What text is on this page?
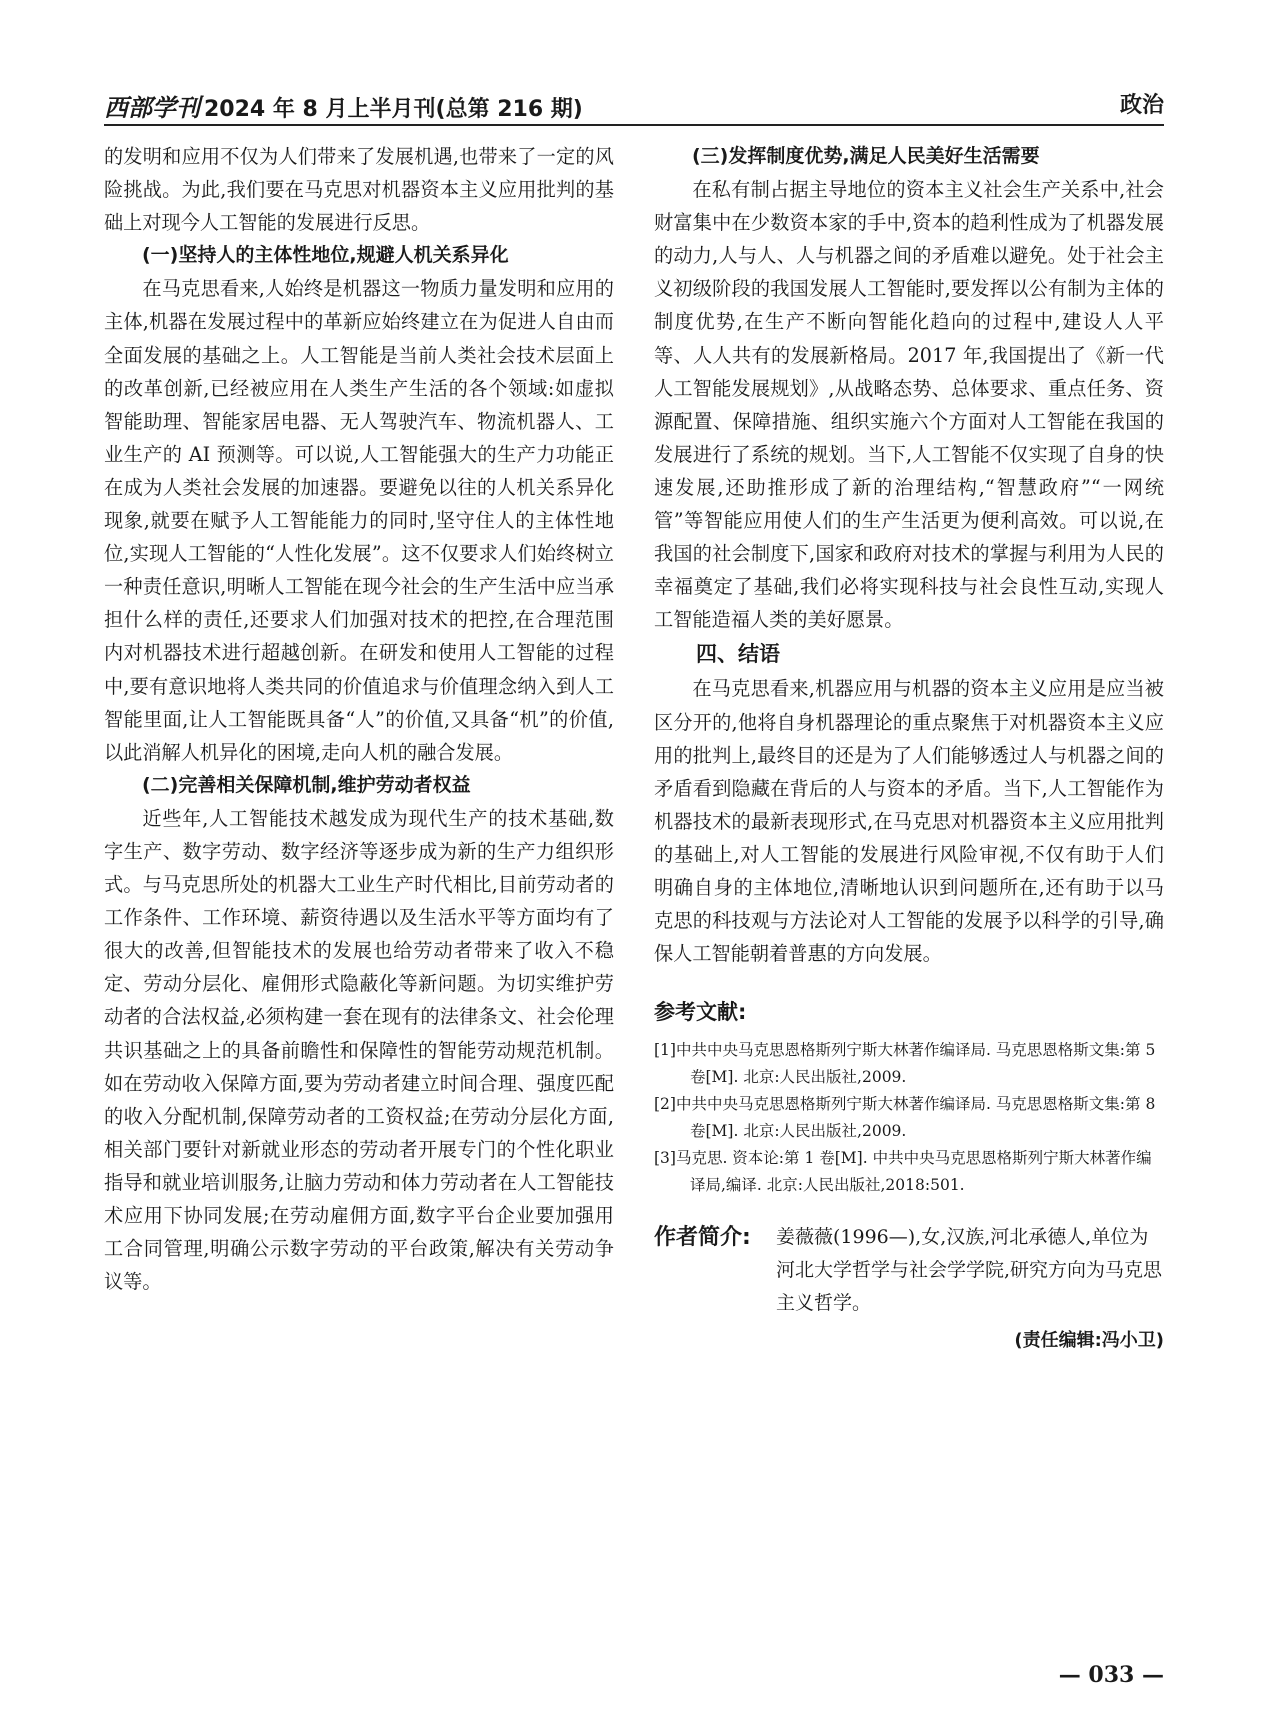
西部学刊 2024 年 8 月上半月刊(总第 216 期)	政治

的发明和应用不仅为人们带来了发展机遇,也带来了一定的风险挑战。为此,我们要在马克思对机器资本主义应用批判的基础上对现今人工智能的发展进行反思。

(一)坚持人的主体性地位,规避人机关系异化

在马克思看来,人始终是机器这一物质力量发明和应用的主体,机器在发展过程中的革新应始终建立在为促进人自由而全面发展的基础之上。人工智能是当前人类社会技术层面上的改革创新,已经被应用在人类生产生活的各个领域:如虚拟智能助理、智能家居电器、无人驾驶汽车、物流机器人、工业生产的 AI 预测等。可以说,人工智能强大的生产力功能正在成为人类社会发展的加速器。要避免以往的人机关系异化现象,就要在赋予人工智能能力的同时,坚守住人的主体性地位,实现人工智能的“人性化发展”。这不仅要求人们始终树立一种责任意识,明晰人工智能在现今社会的生产生活中应当承担什么样的责任,还要求人们加强对技术的把控,在合理范围内对机器技术进行超越创新。在研发和使用人工智能的过程中,要有意识地将人类共同的价值追求与价值理念纳入到人工智能里面,让人工智能既具备“人”的价值,又具备“机”的价值,以此消解人机异化的困境,走向人机的融合发展。

(二)完善相关保障机制,维护劳动者权益

近些年,人工智能技术越发成为现代生产的技术基础,数字生产、数字劳动、数字经济等逐步成为新的生产力组织形式。与马克思所处的机器大工业生产时代相比,目前劳动者的工作条件、工作环境、薪资待遇以及生活水平等方面均有了很大的改善,但智能技术的发展也给劳动者带来了收入不稳定、劳动分层化、雇佣形式隐蔽化等新问题。为切实维护劳动者的合法权益,必须构建一套在现有的法律条文、社会伦理共识基础之上的具备前瞻性和保障性的智能劳动规范机制。如在劳动收入保障方面,要为劳动者建立时间合理、强度匹配的收入分配机制,保障劳动者的工资权益;在劳动分层化方面,相关部门要针对新就业形态的劳动者开展专门的个性化职业指导和就业培训服务,让脑力劳动和体力劳动者在人工智能技术应用下协同发展;在劳动雇佣方面,数字平台企业要加强用工合同管理,明确公示数字劳动的平台政策,解决有关劳动争议等。

(三)发挥制度优势,满足人民美好生活需要

在私有制占据主导地位的资本主义社会生产关系中,社会财富集中在少数资本家的手中,资本的趋利性成为了机器发展的动力,人与人、人与机器之间的矛盾难以避免。处于社会主义初级阶段的我国发展人工智能时,要发挥以公有制为主体的制度优势,在生产不断向智能化趋向的过程中,建设人人平等、人人共有的发展新格局。2017 年,我国提出了《新一代人工智能发展规划》,从战略态势、总体要求、重点任务、资源配置、保障措施、组织实施六个方面对人工智能在我国的发展进行了系统的规划。当下,人工智能不仅实现了自身的快速发展,还助推形成了新的治理结构,“智慧政府”“一网统管”等智能应用使人们的生产生活更为便利高效。可以说,在我国的社会制度下,国家和政府对技术的掌握与利用为人民的幸福奠定了基础,我们必将实现科技与社会良性互动,实现人工智能造福人类的美好愿景。

四、结语

在马克思看来,机器应用与机器的资本主义应用是应当被区分开的,他将自身机器理论的重点聚焦于对机器资本主义应用的批判上,最终目的还是为了人们能够透过人与机器之间的矛盾看到隐藏在背后的人与资本的矛盾。当下,人工智能作为机器技术的最新表现形式,在马克思对机器资本主义应用批判的基础上,对人工智能的发展进行风险审视,不仅有助于人们明确自身的主体地位,清晰地认识到问题所在,还有助于以马克思的科技观与方法论对人工智能的发展予以科学的引导,确保人工智能朝着普惠的方向发展。

参考文献:
[1]中共中央马克思恩格斯列宁斯大林著作编译局. 马克思恩格斯文集:第 5 卷[M]. 北京:人民出版社,2009.
[2]中共中央马克思恩格斯列宁斯大林著作编译局. 马克思恩格斯文集:第 8 卷[M]. 北京:人民出版社,2009.
[3]马克思. 资本论:第 1 卷[M]. 中共中央马克思恩格斯列宁斯大林著作编译局,编译. 北京:人民出版社,2018:501.
作者简介: 姜薇薇(1996—),女,汉族,河北承德人,单位为河北大学哲学与社会学学院,研究方向为马克思主义哲学。
(责任编辑:冯小卫)
— 033 —
